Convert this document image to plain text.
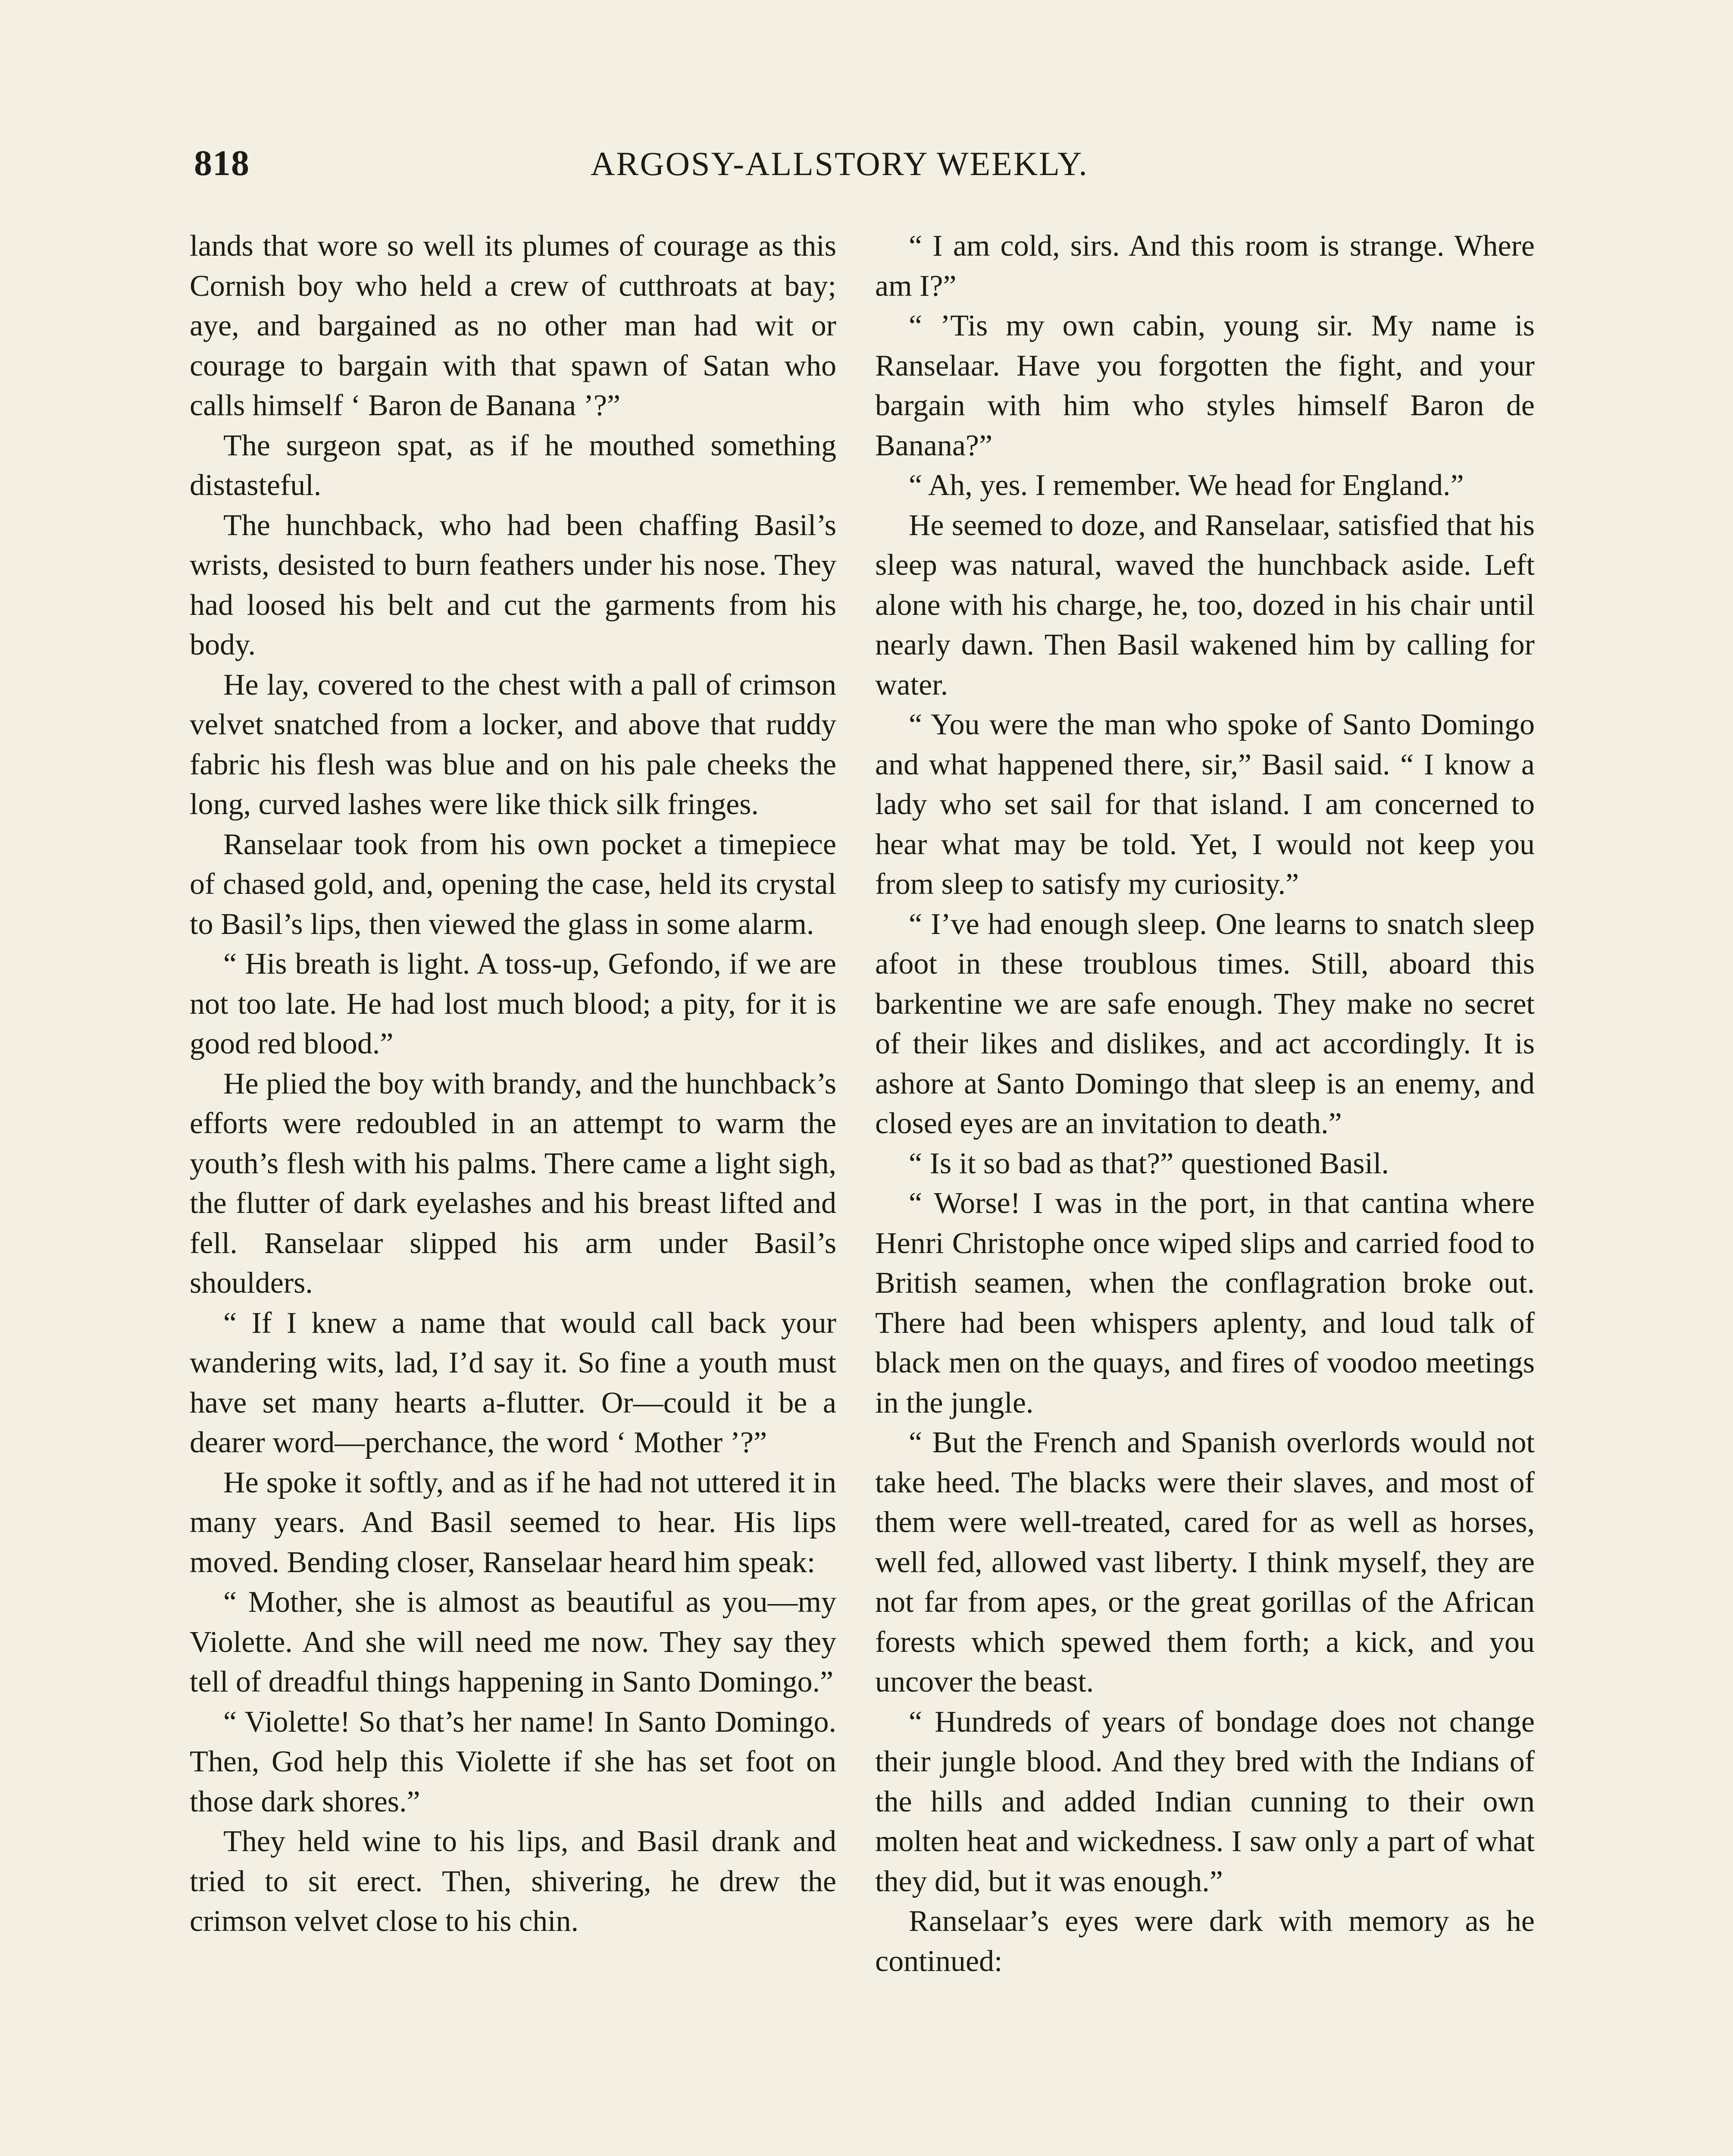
818	ARGOSY-ALLSTORY WEEKLY.

lands that wore so well its plumes of courage as this Cornish boy who held a crew of cutthroats at bay; aye, and bargained as no other man had wit or courage to bargain with that spawn of Satan who calls himself ‘ Baron de Banana ’?”

The surgeon spat, as if he mouthed something distasteful.

The hunchback, who had been chaffing Basil’s wrists, desisted to burn feathers under his nose. They had loosed his belt and cut the garments from his body.

He lay, covered to the chest with a pall of crimson velvet snatched from a locker, and above that ruddy fabric his flesh was blue and on his pale cheeks the long, curved lashes were like thick silk fringes.

Ranselaar took from his own pocket a timepiece of chased gold, and, opening the case, held its crystal to Basil’s lips, then viewed the glass in some alarm.

“ His breath is light. A toss-up, Gefondo, if we are not too late. He had lost much blood; a pity, for it is good red blood.”

He plied the boy with brandy, and the hunchback’s efforts were redoubled in an attempt to warm the youth’s flesh with his palms. There came a light sigh, the flutter of dark eyelashes and his breast lifted and fell. Ranselaar slipped his arm under Basil’s shoulders.

“ If I knew a name that would call back your wandering wits, lad, I’d say it. So fine a youth must have set many hearts a-flutter. Or—could it be a dearer word—perchance, the word ‘ Mother ’?”

He spoke it softly, and as if he had not uttered it in many years. And Basil seemed to hear. His lips moved. Bending closer, Ranselaar heard him speak:

“ Mother, she is almost as beautiful as you—my Violette. And she will need me now. They say they tell of dreadful things happening in Santo Domingo.”

“ Violette! So that’s her name! In Santo Domingo. Then, God help this Violette if she has set foot on those dark shores.”

They held wine to his lips, and Basil drank and tried to sit erect. Then, shivering, he drew the crimson velvet close to his chin.

“ I am cold, sirs. And this room is strange. Where am I?”

“ ’Tis my own cabin, young sir. My name is Ranselaar. Have you forgotten the fight, and your bargain with him who styles himself Baron de Banana?”

“ Ah, yes. I remember. We head for England.”

He seemed to doze, and Ranselaar, satisfied that his sleep was natural, waved the hunchback aside. Left alone with his charge, he, too, dozed in his chair until nearly dawn. Then Basil wakened him by calling for water.

“ You were the man who spoke of Santo Domingo and what happened there, sir,” Basil said. “ I know a lady who set sail for that island. I am concerned to hear what may be told. Yet, I would not keep you from sleep to satisfy my curiosity.”

“ I’ve had enough sleep. One learns to snatch sleep afoot in these troublous times. Still, aboard this barkentine we are safe enough. They make no secret of their likes and dislikes, and act accordingly. It is ashore at Santo Domingo that sleep is an enemy, and closed eyes are an invitation to death.”

“ Is it so bad as that?” questioned Basil.

“ Worse! I was in the port, in that cantina where Henri Christophe once wiped slips and carried food to British seamen, when the conflagration broke out. There had been whispers aplenty, and loud talk of black men on the quays, and fires of voodoo meetings in the jungle.

“ But the French and Spanish overlords would not take heed. The blacks were their slaves, and most of them were well-treated, cared for as well as horses, well fed, allowed vast liberty. I think myself, they are not far from apes, or the great gorillas of the African forests which spewed them forth; a kick, and you uncover the beast.

“ Hundreds of years of bondage does not change their jungle blood. And they bred with the Indians of the hills and added Indian cunning to their own molten heat and wickedness. I saw only a part of what they did, but it was enough.”

Ranselaar’s eyes were dark with memory as he continued:
